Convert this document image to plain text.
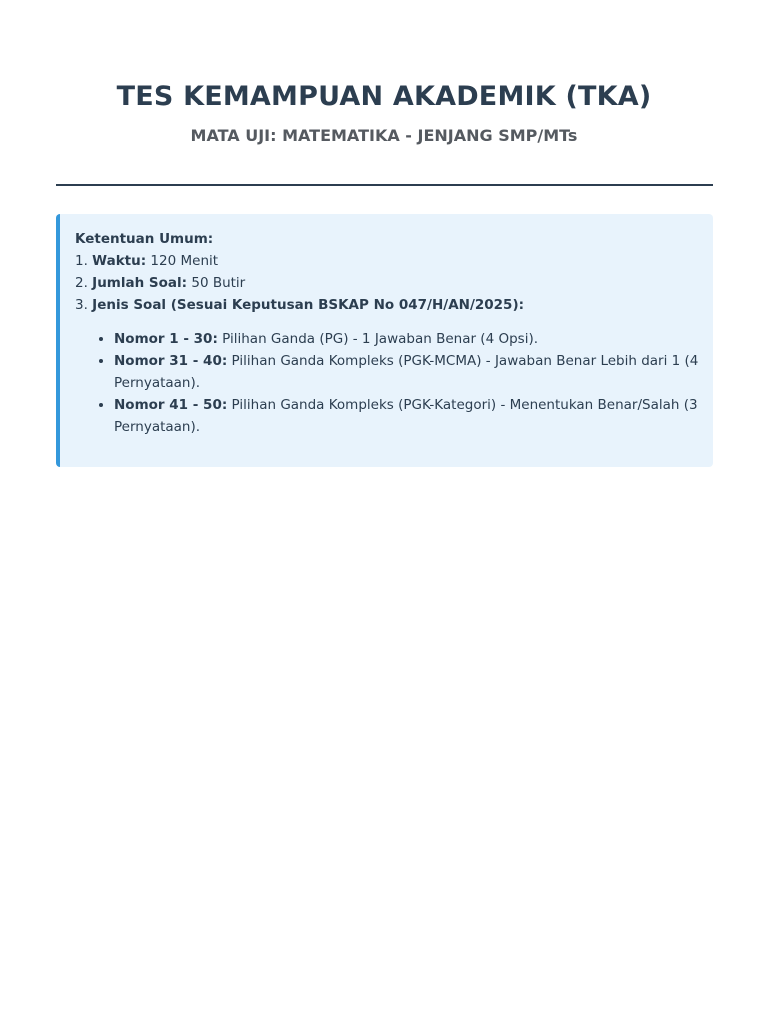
TES KEMAMPUAN AKADEMIK (TKA)
MATA UJI: MATEMATIKA - JENJANG SMP/MTs

Ketentuan Umum:

1. Waktu: 120 Menit

2. Jumlah Soal: 50 Butir

3. Jenis Soal (Sesuai Keputusan BSKAP No 047/H/AN/2025):

• Nomor 1 - 30: Pilihan Ganda (PG) - 1 Jawaban Benar (4 Opsi).
• Nomor 31 - 40: Pilihan Ganda Kompleks (PGK-MCMA) - Jawaban Benar Lebih dari 1 (4 Pernyataan).
• Nomor 41 - 50: Pilihan Ganda Kompleks (PGK-Kategori) - Menentukan Benar/Salah (3 Pernyataan).
